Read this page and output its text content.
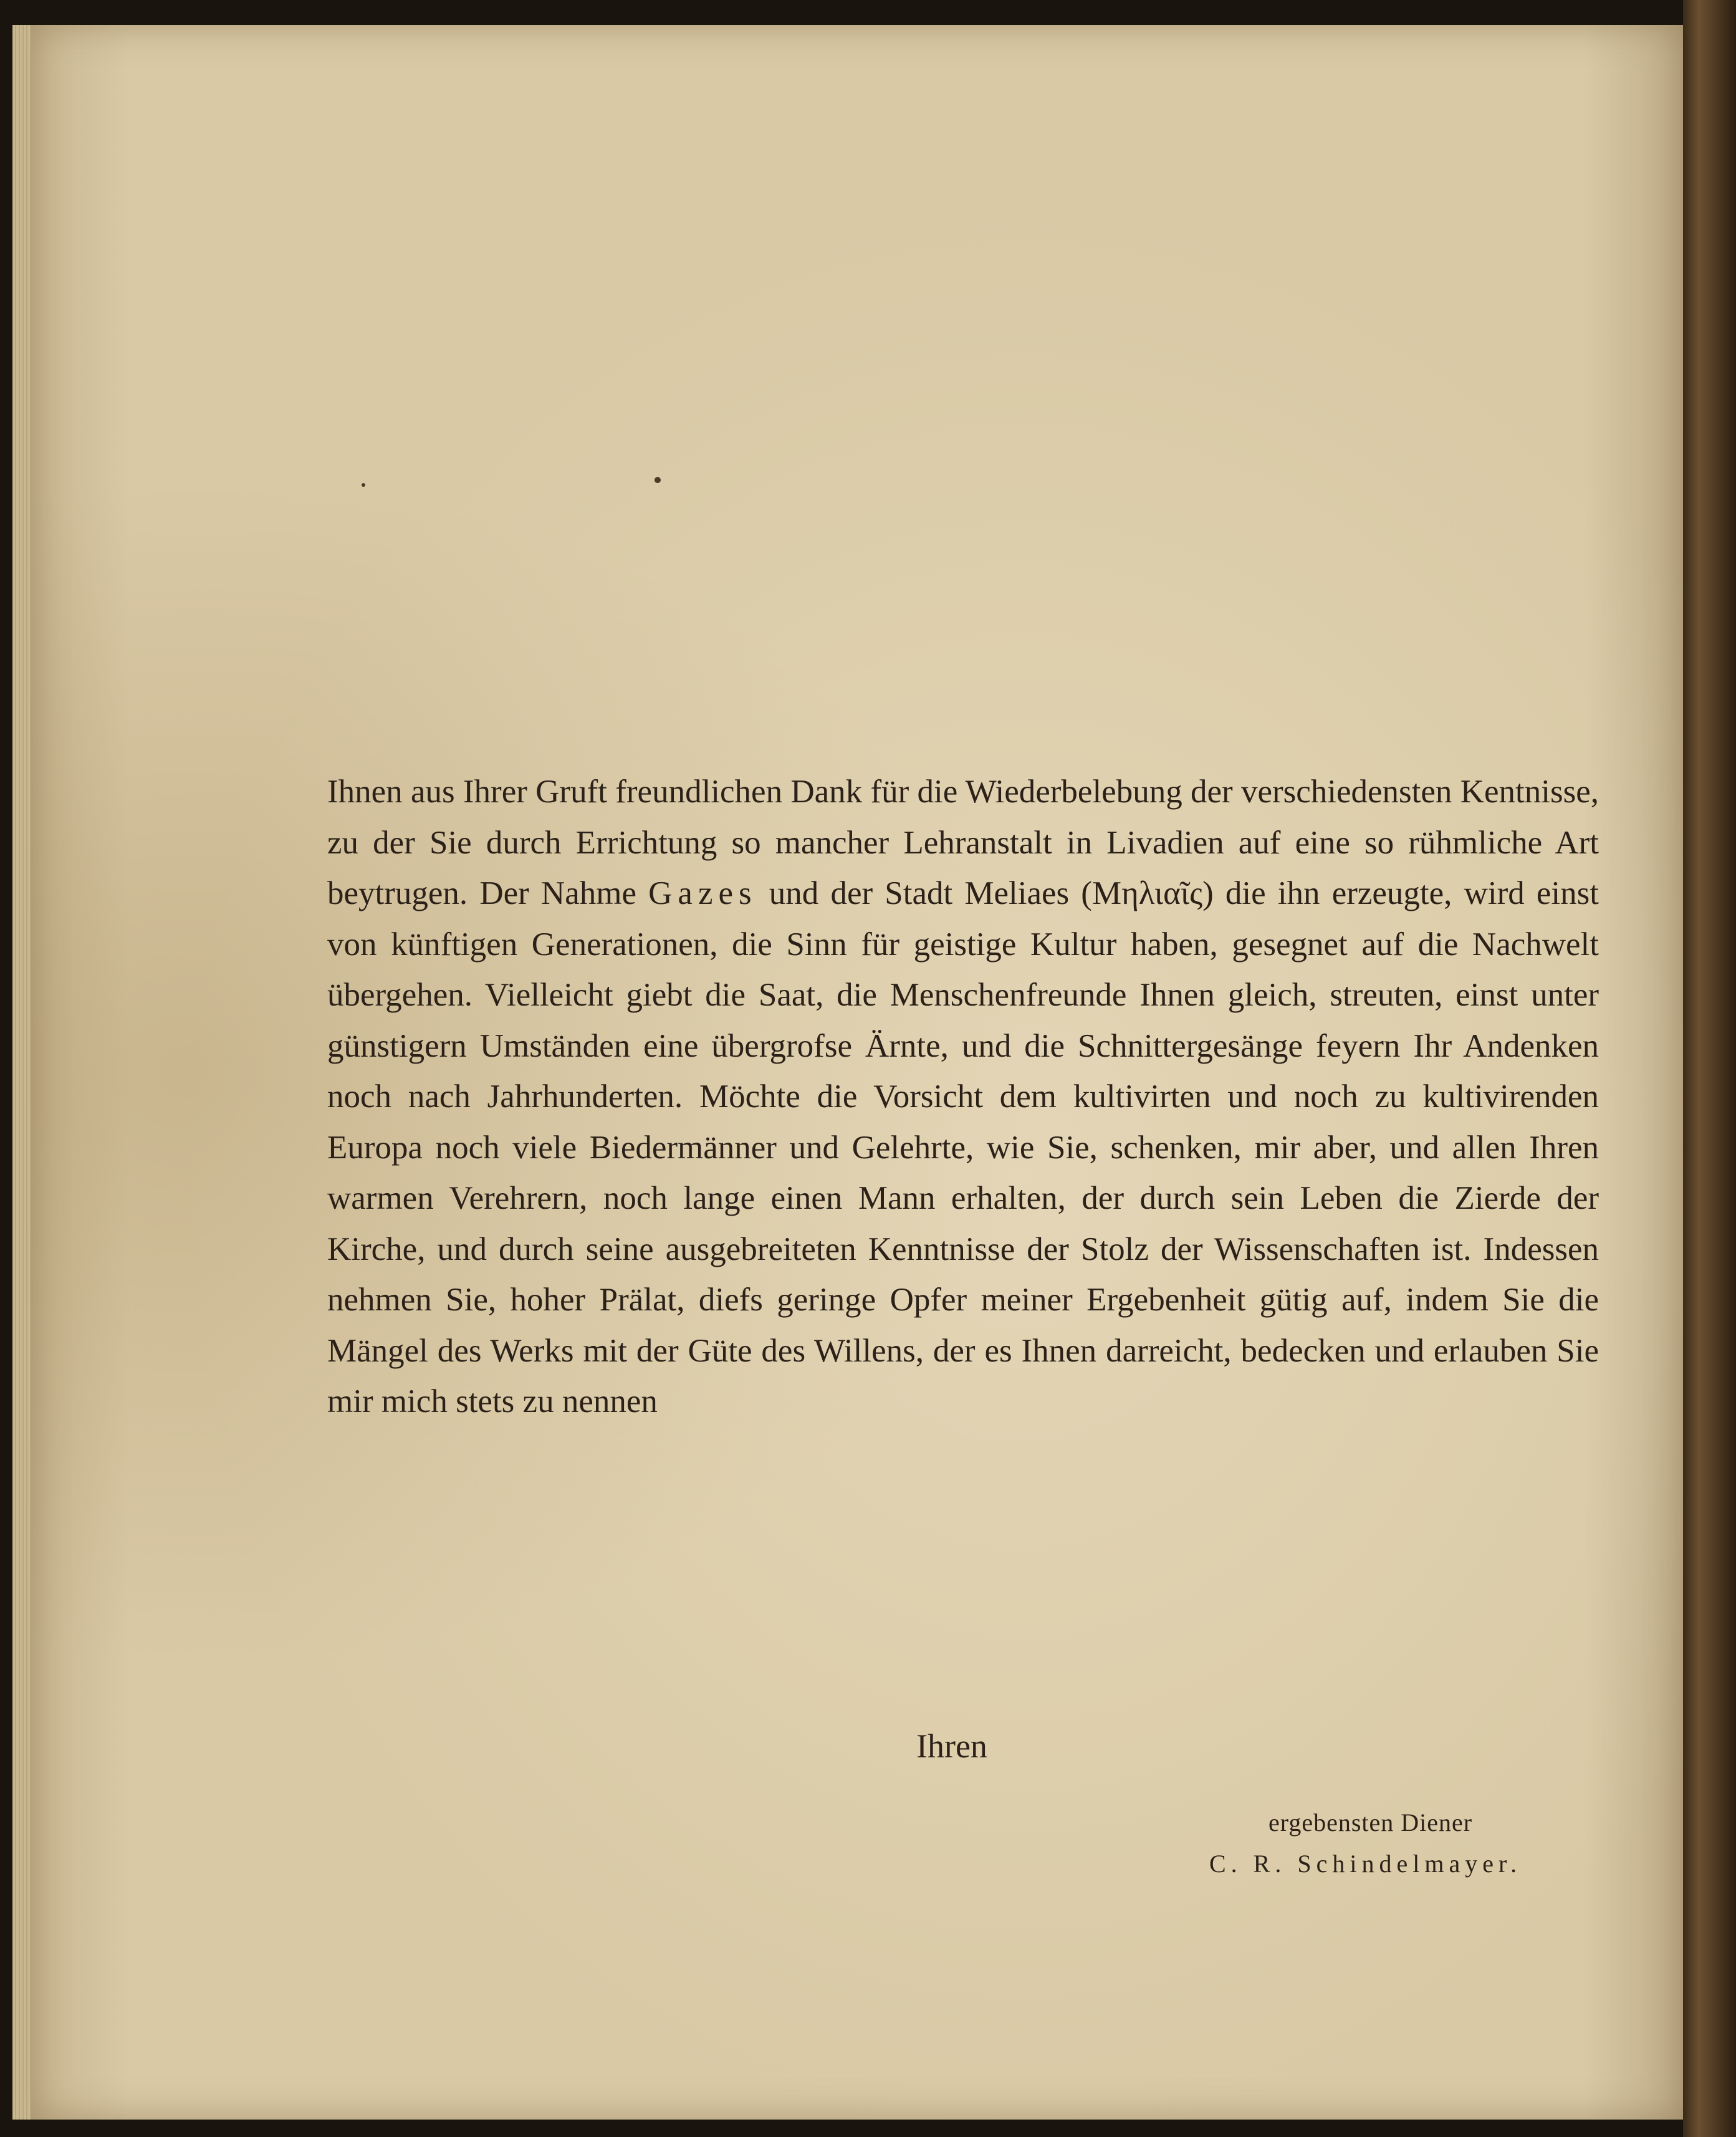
Ihnen aus Ihrer Gruft freundlichen Dank für die Wiederbelebung der verschiedensten Kentnisse, zu der Sie durch Errichtung so mancher Lehranstalt in Livadien auf eine so rühmliche Art beytrugen. Der Nahme Gazes und der Stadt Meliaes (Μηλιαῖς) die ihn erzeugte, wird einst von künftigen Generationen, die Sinn für geistige Kultur haben, gesegnet auf die Nachwelt übergehen. Vielleicht giebt die Saat, die Menschenfreunde Ihnen gleich, streuten, einst unter günstigern Umständen eine übergrofse Ärnte, und die Schnittergesänge feyern Ihr Andenken noch nach Jahrhunderten. Möchte die Vorsicht dem kultivirten und noch zu kultivirenden Europa noch viele Biedermänner und Gelehrte, wie Sie, schenken, mir aber, und allen Ihren warmen Verehrern, noch lange einen Mann erhalten, der durch sein Leben die Zierde der Kirche, und durch seine ausgebreiteten Kenntnisse der Stolz der Wissenschaften ist. Indessen nehmen Sie, hoher Prälat, diefs geringe Opfer meiner Ergebenheit gütig auf, indem Sie die Mängel des Werks mit der Güte des Willens, der es Ihnen darreicht, bedecken und erlauben Sie mir mich stets zu nennen

Ihren
ergebensten Diener
C. R. Schindelmayer.
